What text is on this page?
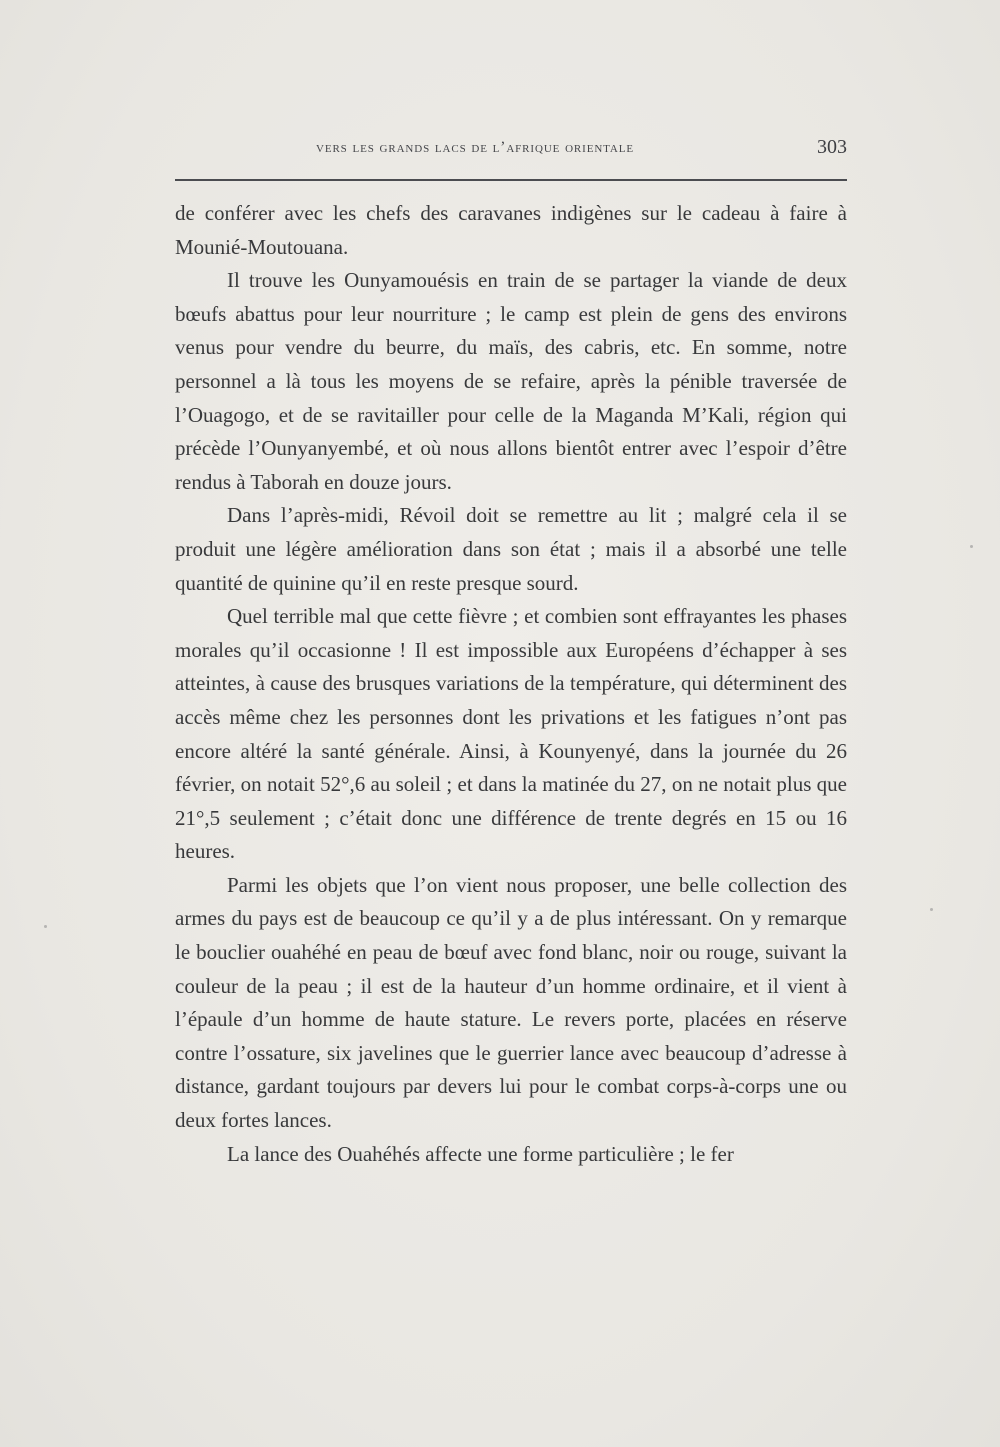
vers les grands lacs de l’afrique orientale	303

de conférer avec les chefs des caravanes indigènes sur le cadeau à faire à Mounié-Moutouana.

Il trouve les Ounyamouésis en train de se partager la viande de deux bœufs abattus pour leur nourriture ; le camp est plein de gens des environs venus pour vendre du beurre, du maïs, des cabris, etc. En somme, notre personnel a là tous les moyens de se refaire, après la pénible traversée de l’Ouagogo, et de se ravitailler pour celle de la Maganda M’Kali, région qui précède l’Ounyanyembé, et où nous allons bientôt entrer avec l’espoir d’être rendus à Taborah en douze jours.

Dans l’après-midi, Révoil doit se remettre au lit ; malgré cela il se produit une légère amélioration dans son état ; mais il a absorbé une telle quantité de quinine qu’il en reste presque sourd.

Quel terrible mal que cette fièvre ; et combien sont effrayantes les phases morales qu’il occasionne ! Il est impossible aux Européens d’échapper à ses atteintes, à cause des brusques variations de la température, qui déterminent des accès même chez les personnes dont les privations et les fatigues n’ont pas encore altéré la santé générale. Ainsi, à Kounyenyé, dans la journée du 26 février, on notait 52°,6 au soleil ; et dans la matinée du 27, on ne notait plus que 21°,5 seulement ; c’était donc une différence de trente degrés en 15 ou 16 heures.

Parmi les objets que l’on vient nous proposer, une belle collection des armes du pays est de beaucoup ce qu’il y a de plus intéressant. On y remarque le bouclier ouahéhé en peau de bœuf avec fond blanc, noir ou rouge, suivant la couleur de la peau ; il est de la hauteur d’un homme ordinaire, et il vient à l’épaule d’un homme de haute stature. Le revers porte, placées en réserve contre l’ossature, six javelines que le guerrier lance avec beaucoup d’adresse à distance, gardant toujours par devers lui pour le combat corps-à-corps une ou deux fortes lances.

La lance des Ouahéhés affecte une forme particulière ; le fer
